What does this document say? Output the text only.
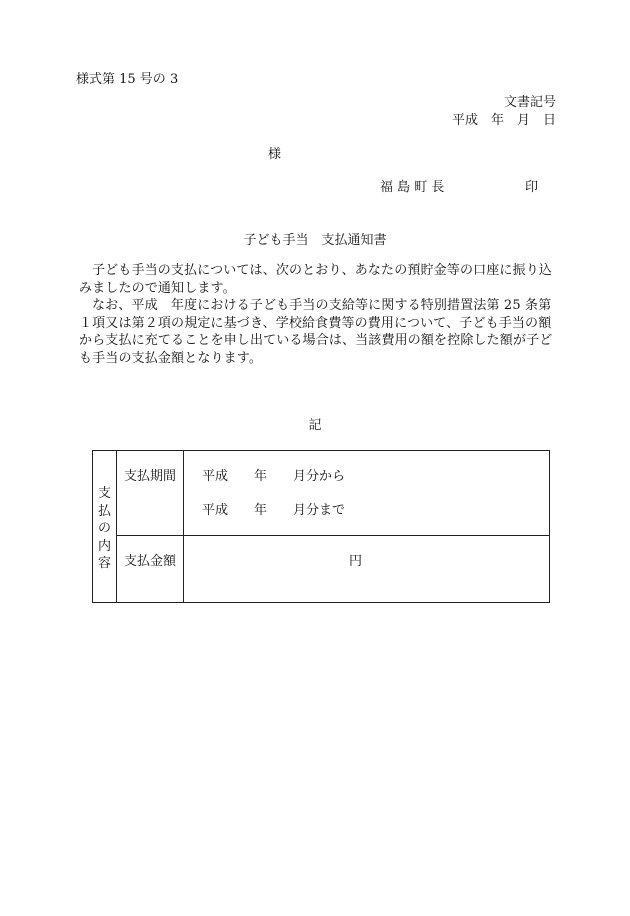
様式第 15 号の 3
文書記号
平成　年　月　日
様
福 島 町 長	印
子ども手当　支払通知書

子ども手当の支払については、次のとおり、あなたの預貯金等の口座に振り込みましたので通知します。

なお、平成　年度における子ども手当の支給等に関する特別措置法第 25 条第１項又は第２項の規定に基づき、学校給食費等の費用について、子ども手当の額から支払に充てることを申し出ている場合は、当該費用の額を控除した額が子ども手当の支払金額となります。

記
支
払
の
内
容
支払期間 平成　　年　　月分から
平成　　年　　月分まで
支払金額	円
